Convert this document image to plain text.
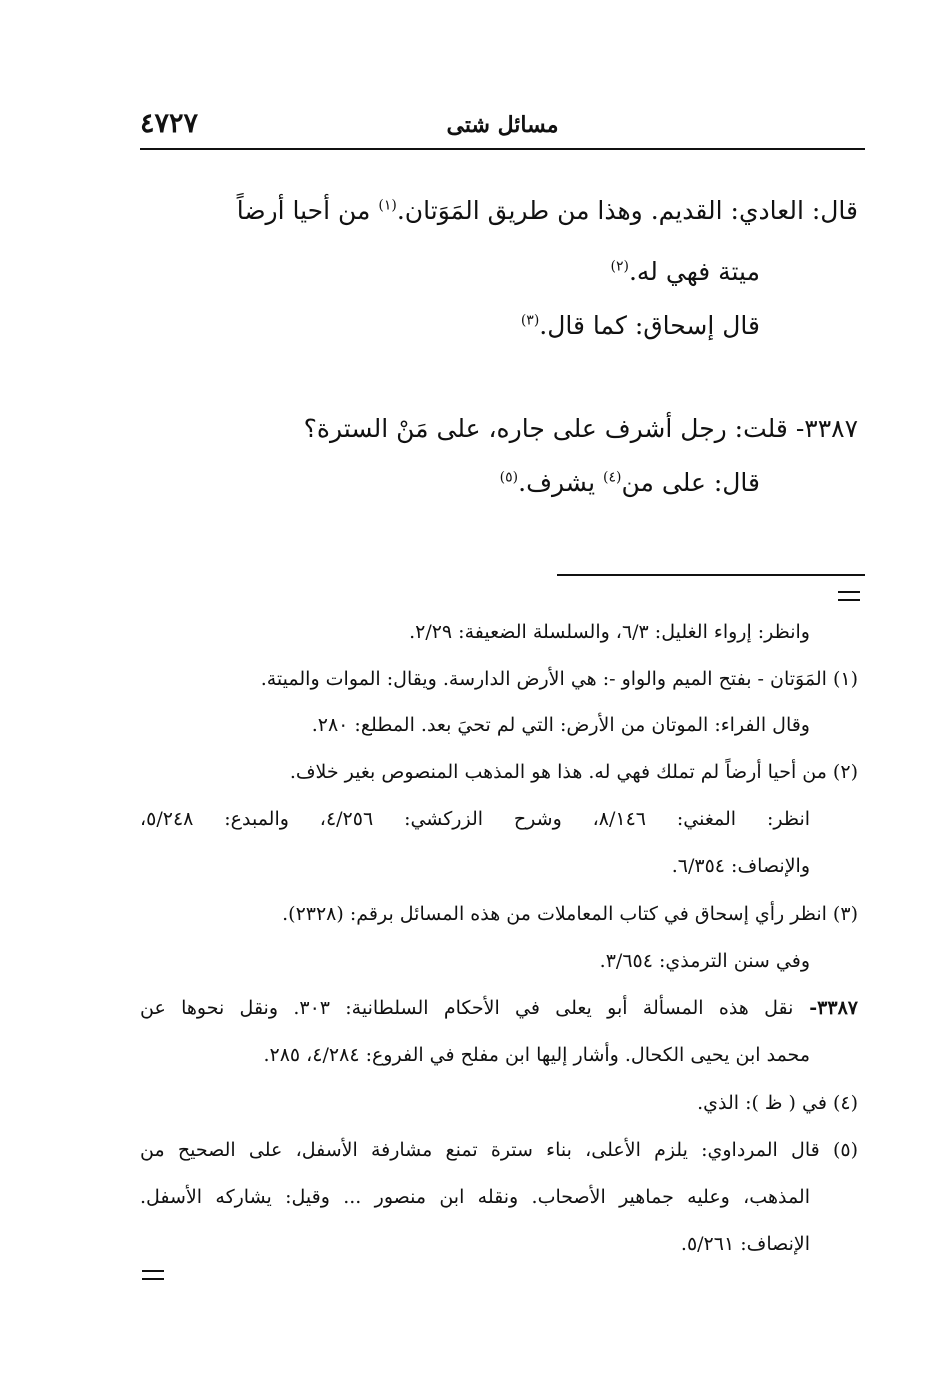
٤٧٢٧	مسائل شتى
قال: العادي: القديم. وهذا من طريق المَوَتان.$^{(١)}$ من أحيا أرضاً
ميتة فهي له.$^{(٢)}$
قال إسحاق: كما قال.$^{(٣)}$
٣٣٨٧- قلت: رجل أشرف على جاره، على مَنْ السترة؟
قال: على من$^{(٤)}$ يشرف.$^{(٥)}$
وانظر: إرواء الغليل: ٦/٣، والسلسلة الضعيفة: ٢/٢٩.
(١) المَوَتان - بفتح الميم والواو -: هي الأرض الدارسة. ويقال: الموات والميتة.
وقال الفراء: الموتان من الأرض: التي لم تحيَ بعد. المطلع: ٢٨٠.
(٢) من أحيا أرضاً لم تملك فهي له. هذا هو المذهب المنصوص بغير خلاف.
انظر: المغني: ٨/١٤٦، وشرح الزركشي: ٤/٢٥٦، والمبدع: ٥/٢٤٨،
والإنصاف: ٦/٣٥٤.
(٣) انظر رأي إسحاق في كتاب المعاملات من هذه المسائل برقم: (٢٣٢٨).
وفي سنن الترمذي: ٣/٦٥٤.
٣٣٨٧- نقل هذه المسألة أبو يعلى في الأحكام السلطانية: ٣٠٣. ونقل نحوها عن
محمد ابن يحيى الكحال. وأشار إليها ابن مفلح في الفروع: ٤/٢٨٤، ٢٨٥.
(٤) في ( ظ ): الذي.
(٥) قال المرداوي: يلزم الأعلى، بناء سترة تمنع مشارفة الأسفل، على الصحيح من
المذهب، وعليه جماهير الأصحاب. ونقله ابن منصور ... وقيل: يشاركه الأسفل.
الإنصاف: ٥/٢٦١.
